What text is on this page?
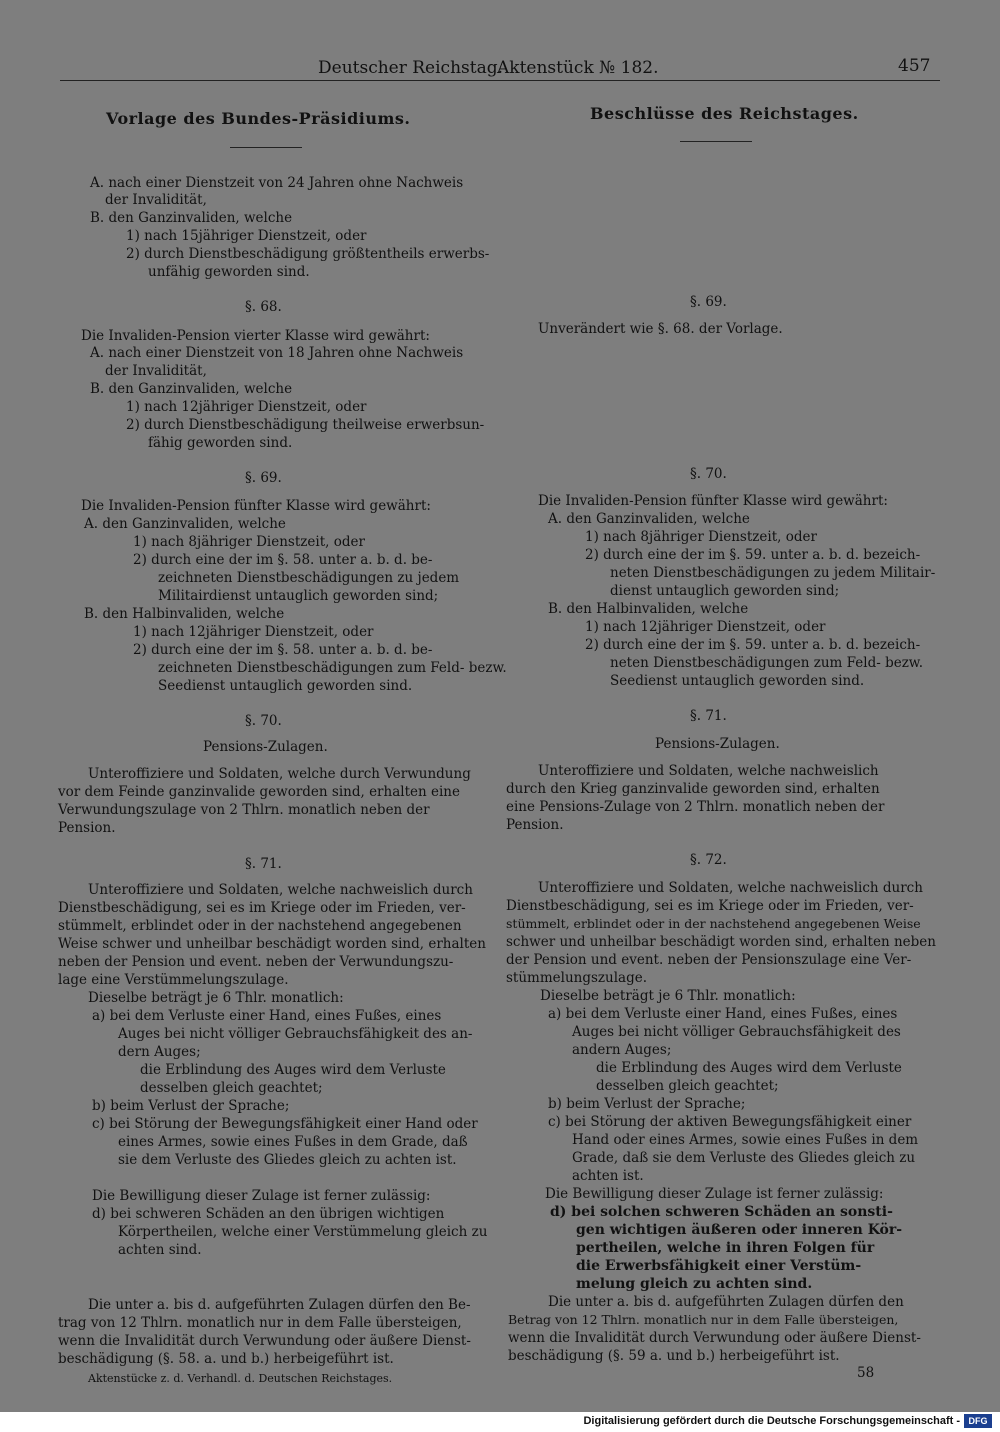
Deutscher Reichstag.
Aktenstück № 182.	457
Vorlage des Bundes-Präsidiums.	Beschlüsse des Reichstages.
A. nach einer Dienstzeit von 24 Jahren ohne Nachweis
der Invalidität,
B. den Ganzinvaliden, welche
1) nach 15jähriger Dienstzeit, oder
2) durch Dienstbeschädigung größtentheils erwerbs-
unfähig geworden sind.
§. 68.
Die Invaliden-Pension vierter Klasse wird gewährt:
A. nach einer Dienstzeit von 18 Jahren ohne Nachweis
der Invalidität,
B. den Ganzinvaliden, welche
1) nach 12jähriger Dienstzeit, oder
2) durch Dienstbeschädigung theilweise erwerbsun-
fähig geworden sind.
§. 69.
Die Invaliden-Pension fünfter Klasse wird gewährt:
A. den Ganzinvaliden, welche
1) nach 8jähriger Dienstzeit, oder
2) durch eine der im §. 58. unter a. b. d. be-
zeichneten Dienstbeschädigungen zu jedem
Militairdienst untauglich geworden sind;
B. den Halbinvaliden, welche
1) nach 12jähriger Dienstzeit, oder
2) durch eine der im §. 58. unter a. b. d. be-
zeichneten Dienstbeschädigungen zum Feld- bezw.
Seedienst untauglich geworden sind.
§. 70.
Pensions-Zulagen.
Unteroffiziere und Soldaten, welche durch Verwundung
vor dem Feinde ganzinvalide geworden sind, erhalten eine
Verwundungszulage von 2 Thlrn. monatlich neben der
Pension.
§. 71.
Unteroffiziere und Soldaten, welche nachweislich durch
Dienstbeschädigung, sei es im Kriege oder im Frieden, ver-
stümmelt, erblindet oder in der nachstehend angegebenen
Weise schwer und unheilbar beschädigt worden sind, erhalten
neben der Pension und event. neben der Verwundungszu-
lage eine Verstümmelungszulage.
Dieselbe beträgt je 6 Thlr. monatlich:
a) bei dem Verluste einer Hand, eines Fußes, eines
Auges bei nicht völliger Gebrauchsfähigkeit des an-
dern Auges;
die Erblindung des Auges wird dem Verluste
desselben gleich geachtet;
b) beim Verlust der Sprache;
c) bei Störung der Bewegungsfähigkeit einer Hand oder
eines Armes, sowie eines Fußes in dem Grade, daß
sie dem Verluste des Gliedes gleich zu achten ist.
Die Bewilligung dieser Zulage ist ferner zulässig:
d) bei schweren Schäden an den übrigen wichtigen
Körpertheilen, welche einer Verstümmelung gleich zu
achten sind.
Die unter a. bis d. aufgeführten Zulagen dürfen den Be-
trag von 12 Thlrn. monatlich nur in dem Falle übersteigen,
wenn die Invalidität durch Verwundung oder äußere Dienst-
beschädigung (§. 58. a. und b.) herbeigeführt ist.
Aktenstücke z. d. Verhandl. d. Deutschen Reichstages.
§. 69.
Unverändert wie §. 68. der Vorlage.
§. 70.
Die Invaliden-Pension fünfter Klasse wird gewährt:
A. den Ganzinvaliden, welche
1) nach 8jähriger Dienstzeit, oder
2) durch eine der im §. 59. unter a. b. d. bezeich-
neten Dienstbeschädigungen zu jedem Militair-
dienst untauglich geworden sind;
B. den Halbinvaliden, welche
1) nach 12jähriger Dienstzeit, oder
2) durch eine der im §. 59. unter a. b. d. bezeich-
neten Dienstbeschädigungen zum Feld- bezw.
Seedienst untauglich geworden sind.
§. 71.
Pensions-Zulagen.
Unteroffiziere und Soldaten, welche nachweislich
durch den Krieg ganzinvalide geworden sind, erhalten
eine Pensions-Zulage von 2 Thlrn. monatlich neben der
Pension.
§. 72.
Unteroffiziere und Soldaten, welche nachweislich durch
Dienstbeschädigung, sei es im Kriege oder im Frieden, ver-
stümmelt, erblindet oder in der nachstehend angegebenen Weise
schwer und unheilbar beschädigt worden sind, erhalten neben
der Pension und event. neben der Pensionszulage eine Ver-
stümmelungszulage.
Dieselbe beträgt je 6 Thlr. monatlich:
a) bei dem Verluste einer Hand, eines Fußes, eines
Auges bei nicht völliger Gebrauchsfähigkeit des
andern Auges;
die Erblindung des Auges wird dem Verluste
desselben gleich geachtet;
b) beim Verlust der Sprache;
c) bei Störung der aktiven Bewegungsfähigkeit einer
Hand oder eines Armes, sowie eines Fußes in dem
Grade, daß sie dem Verluste des Gliedes gleich zu
achten ist.
Die Bewilligung dieser Zulage ist ferner zulässig:
d) bei solchen schweren Schäden an sonsti-
gen wichtigen äußeren oder inneren Kör-
pertheilen, welche in ihren Folgen für
die Erwerbsfähigkeit einer Verstüm-
melung gleich zu achten sind.
Die unter a. bis d. aufgeführten Zulagen dürfen den
Betrag von 12 Thlrn. monatlich nur in dem Falle übersteigen,
wenn die Invalidität durch Verwundung oder äußere Dienst-
beschädigung (§. 59 a. und b.) herbeigeführt ist.
58
Digitalisierung gefördert durch die Deutsche Forschungsgemeinschaft - DFG
